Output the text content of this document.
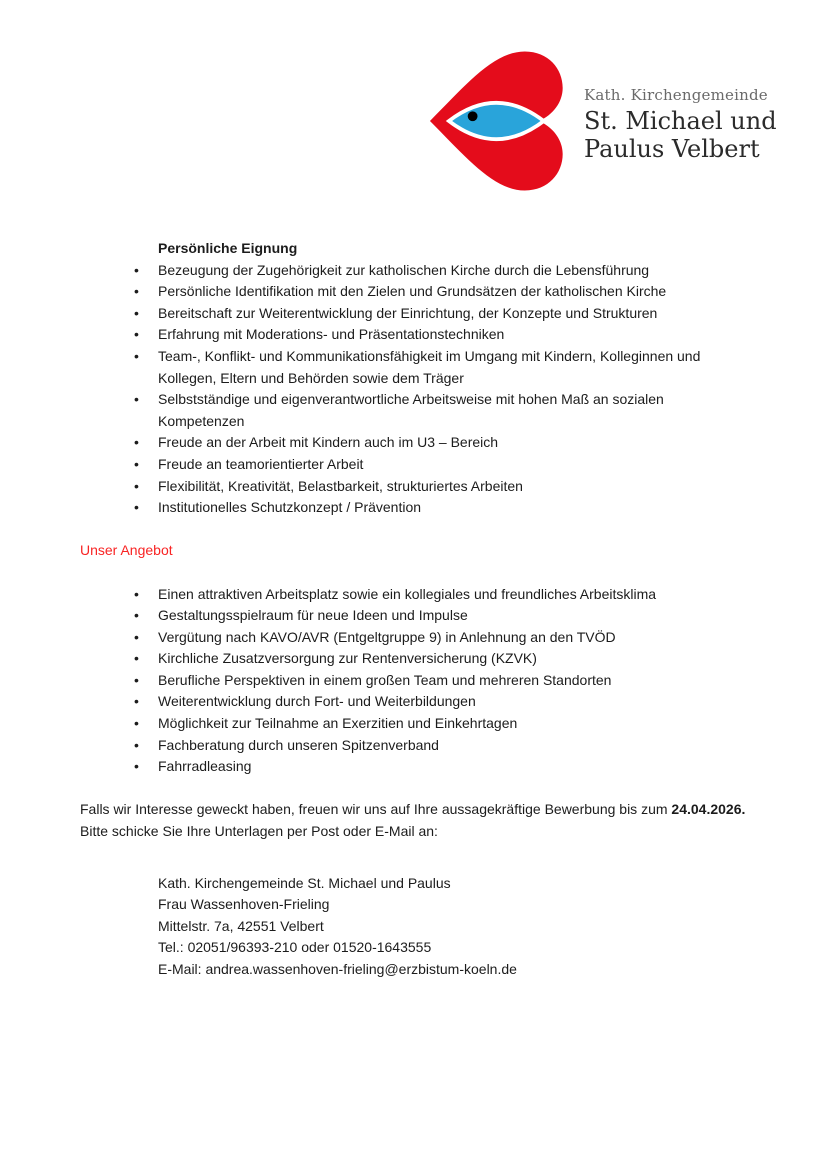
Kath. Kirchengemeinde
St. Michael und
Paulus Velbert
Persönliche Eignung
• Bezeugung der Zugehörigkeit zur katholischen Kirche durch die Lebensführung
• Persönliche Identifikation mit den Zielen und Grundsätzen der katholischen Kirche
• Bereitschaft zur Weiterentwicklung der Einrichtung, der Konzepte und Strukturen
• Erfahrung mit Moderations- und Präsentationstechniken
• Team-, Konflikt- und Kommunikationsfähigkeit im Umgang mit Kindern, Kolleginnen und Kollegen, Eltern und Behörden sowie dem Träger
• Selbstständige und eigenverantwortliche Arbeitsweise mit hohen Maß an sozialen Kompetenzen
• Freude an der Arbeit mit Kindern auch im U3 – Bereich
• Freude an teamorientierter Arbeit
• Flexibilität, Kreativität, Belastbarkeit, strukturiertes Arbeiten
• Institutionelles Schutzkonzept / Prävention
Unser Angebot
• Einen attraktiven Arbeitsplatz sowie ein kollegiales und freundliches Arbeitsklima
• Gestaltungsspielraum für neue Ideen und Impulse
• Vergütung nach KAVO/AVR (Entgeltgruppe 9) in Anlehnung an den TVÖD
• Kirchliche Zusatzversorgung zur Rentenversicherung (KZVK)
• Berufliche Perspektiven in einem großen Team und mehreren Standorten
• Weiterentwicklung durch Fort- und Weiterbildungen
• Möglichkeit zur Teilnahme an Exerzitien und Einkehrtagen
• Fachberatung durch unseren Spitzenverband
• Fahrradleasing

Falls wir Interesse geweckt haben, freuen wir uns auf Ihre aussagekräftige Bewerbung bis zum 24.04.2026.
Bitte schicke Sie Ihre Unterlagen per Post oder E-Mail an:

Kath. Kirchengemeinde St. Michael und Paulus
Frau Wassenhoven-Frieling
Mittelstr. 7a, 42551 Velbert
Tel.: 02051/96393-210 oder 01520-1643555
E-Mail: andrea.wassenhoven-frieling@erzbistum-koeln.de
